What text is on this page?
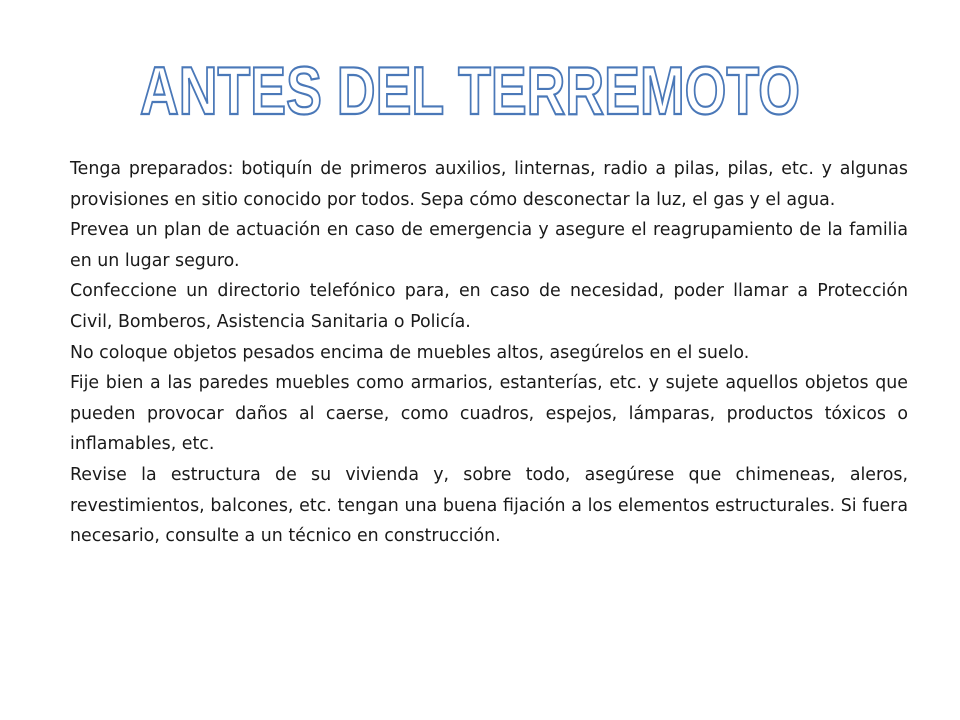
ANTES DEL TERREMOTO

Tenga preparados: botiquín de primeros auxilios, linternas, radio a pilas, pilas, etc. y algunas provisiones en sitio conocido por todos. Sepa cómo desconectar la luz, el gas y el agua.

Prevea un plan de actuación en caso de emergencia y asegure el reagrupamiento de la familia en un lugar seguro.

Confeccione un directorio telefónico para, en caso de necesidad, poder llamar a Protección Civil, Bomberos, Asistencia Sanitaria o Policía.

No coloque objetos pesados encima de muebles altos, asegúrelos en el suelo.

Fije bien a las paredes muebles como armarios, estanterías, etc. y sujete aquellos objetos que pueden provocar daños al caerse, como cuadros, espejos, lámparas, productos tóxicos o inflamables, etc.

Revise la estructura de su vivienda y, sobre todo, asegúrese que chimeneas, aleros, revestimientos, balcones, etc. tengan una buena fijación a los elementos estructurales. Si fuera necesario, consulte a un técnico en construcción.
